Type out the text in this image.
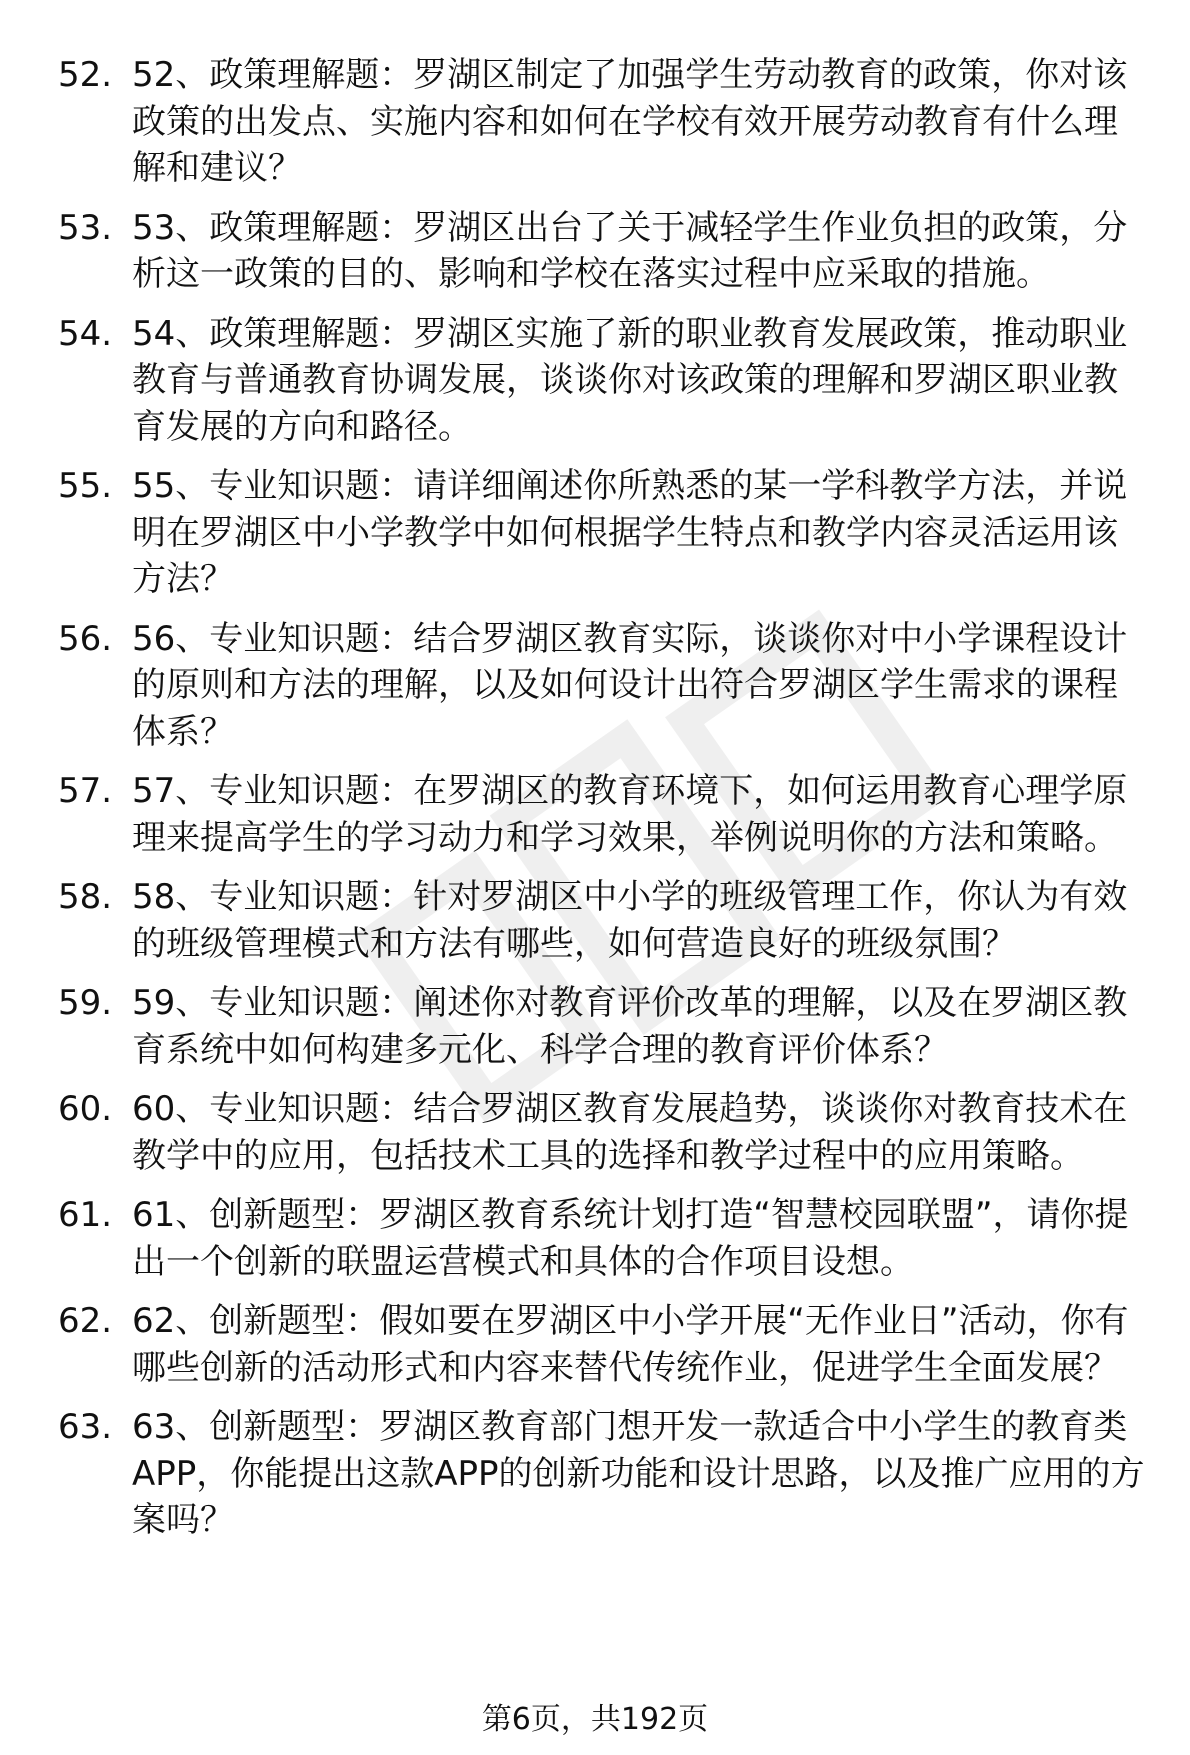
52. 52、政策理解题：罗湖区制定了加强学生劳动教育的政策，你对该政策的出发点、实施内容和如何在学校有效开展劳动教育有什么理解和建议？
53. 53、政策理解题：罗湖区出台了关于减轻学生作业负担的政策，分析这一政策的目的、影响和学校在落实过程中应采取的措施。
54. 54、政策理解题：罗湖区实施了新的职业教育发展政策，推动职业教育与普通教育协调发展，谈谈你对该政策的理解和罗湖区职业教育发展的方向和路径。
55. 55、专业知识题：请详细阐述你所熟悉的某一学科教学方法，并说明在罗湖区中小学教学中如何根据学生特点和教学内容灵活运用该方法？
56. 56、专业知识题：结合罗湖区教育实际，谈谈你对中小学课程设计的原则和方法的理解，以及如何设计出符合罗湖区学生需求的课程体系？
57. 57、专业知识题：在罗湖区的教育环境下，如何运用教育心理学原理来提高学生的学习动力和学习效果，举例说明你的方法和策略。
58. 58、专业知识题：针对罗湖区中小学的班级管理工作，你认为有效的班级管理模式和方法有哪些，如何营造良好的班级氛围？
59. 59、专业知识题：阐述你对教育评价改革的理解，以及在罗湖区教育系统中如何构建多元化、科学合理的教育评价体系？
60. 60、专业知识题：结合罗湖区教育发展趋势，谈谈你对教育技术在教学中的应用，包括技术工具的选择和教学过程中的应用策略。
61. 61、创新题型：罗湖区教育系统计划打造“智慧校园联盟”，请你提出一个创新的联盟运营模式和具体的合作项目设想。
62. 62、创新题型：假如要在罗湖区中小学开展“无作业日”活动，你有哪些创新的活动形式和内容来替代传统作业，促进学生全面发展？
63. 63、创新题型：罗湖区教育部门想开发一款适合中小学生的教育类APP，你能提出这款APP的创新功能和设计思路，以及推广应用的方案吗？
第6页，共192页
